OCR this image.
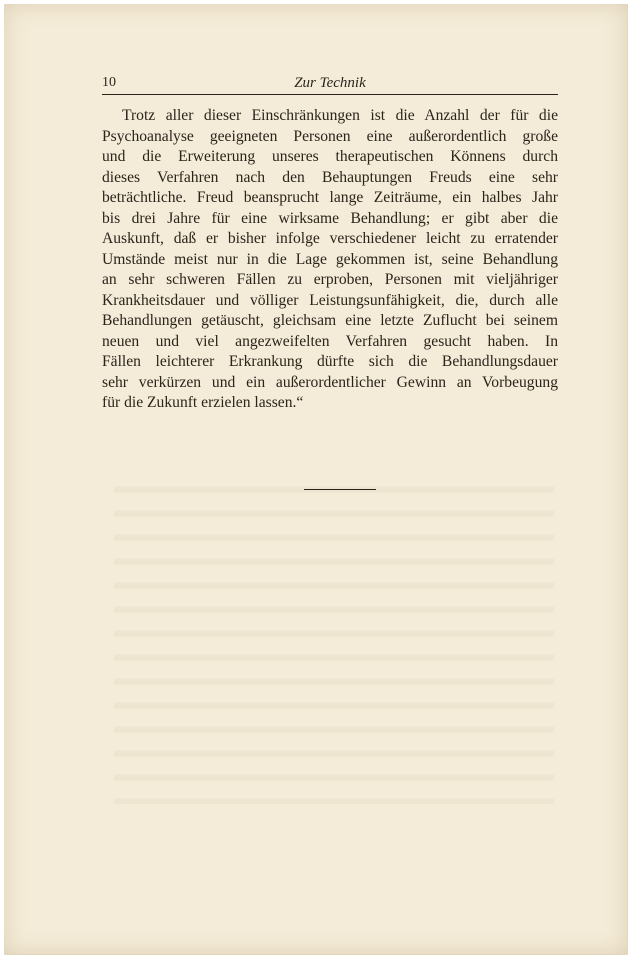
10	Zur Technik

Trotz aller dieser Einschränkungen ist die Anzahl der für die
Psychoanalyse geeigneten Personen eine außerordentlich große
und die Erweiterung unseres therapeutischen Könnens durch
dieses Verfahren nach den Behauptungen Freuds eine sehr
beträchtliche. Freud beansprucht lange Zeiträume, ein halbes Jahr
bis drei Jahre für eine wirksame Behandlung; er gibt aber die
Auskunft, daß er bisher infolge verschiedener leicht zu erratender
Umstände meist nur in die Lage gekommen ist, seine Behandlung
an sehr schweren Fällen zu erproben, Personen mit vieljähriger
Krankheitsdauer und völliger Leistungsunfähigkeit, die, durch alle
Behandlungen getäuscht, gleichsam eine letzte Zuflucht bei seinem
neuen und viel angezweifelten Verfahren gesucht haben. In
Fällen leichterer Erkrankung dürfte sich die Behandlungsdauer
sehr verkürzen und ein außerordentlicher Gewinn an Vorbeugung
für die Zukunft erzielen lassen.“
